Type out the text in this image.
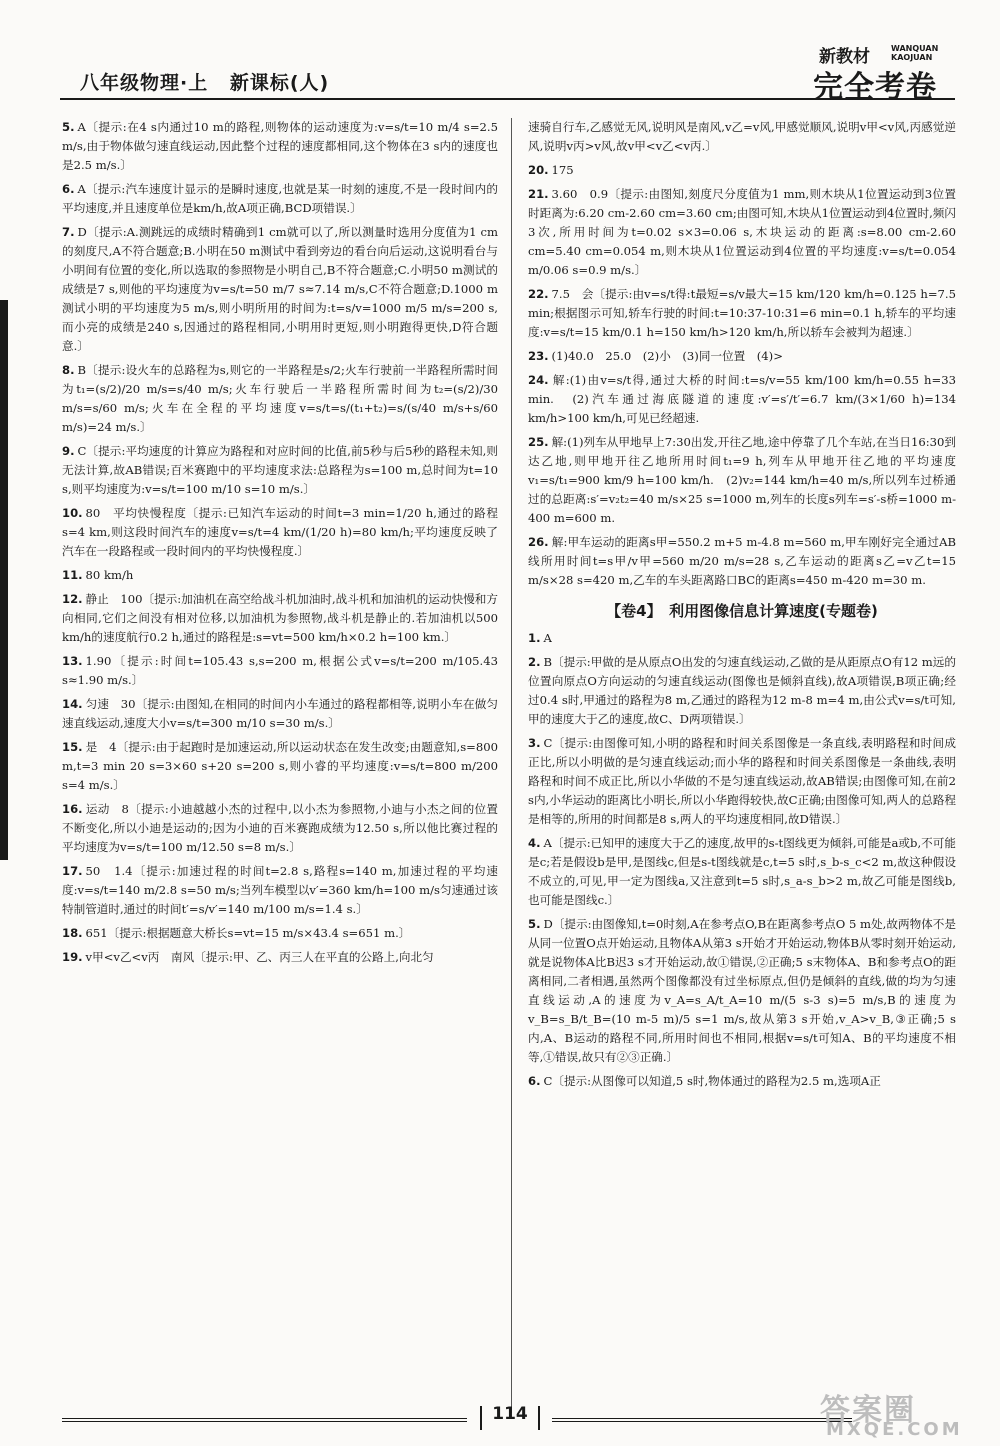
八年级物理·上 新课标(人)
新教材	WANQUAN
KAOJUAN
完全考卷

5. A〔提示:在4 s内通过10 m的路程,则物体的运动速度为:v=s/t=10 m/4 s=2.5 m/s,由于物体做匀速直线运动,因此整个过程的速度都相同,这个物体在3 s内的速度也是2.5 m/s.〕

6. A〔提示:汽车速度计显示的是瞬时速度,也就是某一时刻的速度,不是一段时间内的平均速度,并且速度单位是km/h,故A项正确,BCD项错误.〕

7. D〔提示:A.测跳远的成绩时精确到1 cm就可以了,所以测量时选用分度值为1 cm的刻度尺,A不符合题意;B.小明在50 m测试中看到旁边的看台向后运动,这说明看台与小明间有位置的变化,所以选取的参照物是小明自己,B不符合题意;C.小明50 m测试的成绩是7 s,则他的平均速度为v=s/t=50 m/7 s≈7.14 m/s,C不符合题意;D.1000 m测试小明的平均速度为5 m/s,则小明所用的时间为:t=s/v=1000 m/5 m/s=200 s,而小亮的成绩是240 s,因通过的路程相同,小明用时更短,则小明跑得更快,D符合题意.〕

8. B〔提示:设火车的总路程为s,则它的一半路程是s/2;火车行驶前一半路程所需时间为t₁=(s/2)/20 m/s=s/40 m/s;火车行驶后一半路程所需时间为t₂=(s/2)/30 m/s=s/60 m/s;火车在全程的平均速度v=s/t=s/(t₁+t₂)=s/(s/40 m/s+s/60 m/s)=24 m/s.〕

9. C〔提示:平均速度的计算应为路程和对应时间的比值,前5秒与后5秒的路程未知,则无法计算,故AB错误;百米赛跑中的平均速度求法:总路程为s=100 m,总时间为t=10 s,则平均速度为:v=s/t=100 m/10 s=10 m/s.〕

10. 80　平均快慢程度〔提示:已知汽车运动的时间t=3 min=1/20 h,通过的路程s=4 km,则这段时间汽车的速度v=s/t=4 km/(1/20 h)=80 km/h;平均速度反映了汽车在一段路程或一段时间内的平均快慢程度.〕

11. 80 km/h

12. 静止　100〔提示:加油机在高空给战斗机加油时,战斗机和加油机的运动快慢和方向相同,它们之间没有相对位移,以加油机为参照物,战斗机是静止的.若加油机以500 km/h的速度航行0.2 h,通过的路程是:s=vt=500 km/h×0.2 h=100 km.〕

13. 1.90〔提示:时间t=105.43 s,s=200 m,根据公式v=s/t=200 m/105.43 s≈1.90 m/s.〕

14. 匀速　30〔提示:由图知,在相同的时间内小车通过的路程都相等,说明小车在做匀速直线运动,速度大小v=s/t=300 m/10 s=30 m/s.〕

15. 是　4〔提示:由于起跑时是加速运动,所以运动状态在发生改变;由题意知,s=800 m,t=3 min 20 s=3×60 s+20 s=200 s,则小睿的平均速度:v=s/t=800 m/200 s=4 m/s.〕

16. 运动　8〔提示:小迪越越小杰的过程中,以小杰为参照物,小迪与小杰之间的位置不断变化,所以小迪是运动的;因为小迪的百米赛跑成绩为12.50 s,所以他比赛过程的平均速度为v=s/t=100 m/12.50 s=8 m/s.〕

17. 50　1.4〔提示:加速过程的时间t=2.8 s,路程s=140 m,加速过程的平均速度:v=s/t=140 m/2.8 s=50 m/s;当列车模型以v′=360 km/h=100 m/s匀速通过该特制管道时,通过的时间t′=s/v′=140 m/100 m/s=1.4 s.〕

18. 651〔提示:根据题意大桥长s=vt=15 m/s×43.4 s=651 m.〕

19. v甲<v乙<v丙　南风〔提示:甲、乙、丙三人在平直的公路上,向北匀

速骑自行车,乙感觉无风,说明风是南风,v乙=v风,甲感觉顺风,说明v甲<v风,丙感觉逆风,说明v丙>v风,故v甲<v乙<v丙.〕

20. 175

21. 3.60　0.9〔提示:由图知,刻度尺分度值为1 mm,则木块从1位置运动到3位置时距离为:6.20 cm-2.60 cm=3.60 cm;由图可知,木块从1位置运动到4位置时,频闪3次,所用时间为t=0.02 s×3=0.06 s,木块运动的距离:s=8.00 cm-2.60 cm=5.40 cm=0.054 m,则木块从1位置运动到4位置的平均速度:v=s/t=0.054 m/0.06 s=0.9 m/s.〕

22. 7.5　会〔提示:由v=s/t得:t最短=s/v最大=15 km/120 km/h=0.125 h=7.5 min;根据图示可知,轿车行驶的时间:t=10:37-10:31=6 min=0.1 h,轿车的平均速度:v=s/t=15 km/0.1 h=150 km/h>120 km/h,所以轿车会被判为超速.〕

23. (1)40.0　25.0　(2)小　(3)同一位置　(4)>

24. 解:(1)由v=s/t得,通过大桥的时间:t=s/v=55 km/100 km/h=0.55 h=33 min.　(2)汽车通过海底隧道的速度:v′=s′/t′=6.7 km/(3×1/60 h)=134 km/h>100 km/h,可见已经超速.

25. 解:(1)列车从甲地早上7:30出发,开往乙地,途中停靠了几个车站,在当日16:30到达乙地,则甲地开往乙地所用时间t₁=9 h,列车从甲地开往乙地的平均速度v₁=s/t₁=900 km/9 h=100 km/h.　(2)v₂=144 km/h=40 m/s,所以列车过桥通过的总距离:s′=v₂t₂=40 m/s×25 s=1000 m,列车的长度s列车=s′-s桥=1000 m-400 m=600 m.

26. 解:甲车运动的距离s甲=550.2 m+5 m-4.8 m=560 m,甲车刚好完全通过AB线所用时间t=s甲/v甲=560 m/20 m/s=28 s,乙车运动的距离s乙=v乙t=15 m/s×28 s=420 m,乙车的车头距离路口BC的距离s=450 m-420 m=30 m.

【卷4】　利用图像信息计算速度(专题卷)

1. A

2. B〔提示:甲做的是从原点O出发的匀速直线运动,乙做的是从距原点O有12 m远的位置向原点O方向运动的匀速直线运动(图像也是倾斜直线),故A项错误,B项正确;经过0.4 s时,甲通过的路程为8 m,乙通过的路程为12 m-8 m=4 m,由公式v=s/t可知,甲的速度大于乙的速度,故C、D两项错误.〕

3. C〔提示:由图像可知,小明的路程和时间关系图像是一条直线,表明路程和时间成正比,所以小明做的是匀速直线运动;而小华的路程和时间关系图像是一条曲线,表明路程和时间不成正比,所以小华做的不是匀速直线运动,故AB错误;由图像可知,在前2 s内,小华运动的距离比小明长,所以小华跑得较快,故C正确;由图像可知,两人的总路程是相等的,所用的时间都是8 s,两人的平均速度相同,故D错误.〕

4. A〔提示:已知甲的速度大于乙的速度,故甲的s-t图线更为倾斜,可能是a或b,不可能是c;若是假设b是甲,是图线c,但是s-t图线就是c,t=5 s时,s_b-s_c<2 m,故这种假设不成立的,可见,甲一定为图线a,又注意到t=5 s时,s_a-s_b>2 m,故乙可能是图线b,也可能是图线c.〕

5. D〔提示:由图像知,t=0时刻,A在参考点O,B在距离参考点O 5 m处,故两物体不是从同一位置O点开始运动,且物体A从第3 s开始才开始运动,物体B从零时刻开始运动,就是说物体A比B迟3 s才开始运动,故①错误,②正确;5 s末物体A、B和参考点O的距离相同,二者相遇,虽然两个图像都没有过坐标原点,但仍是倾斜的直线,做的均为匀速直线运动,A的速度为v_A=s_A/t_A=10 m/(5 s-3 s)=5 m/s,B的速度为v_B=s_B/t_B=(10 m-5 m)/5 s=1 m/s,故从第3 s开始,v_A>v_B,③正确;5 s内,A、B运动的路程不同,所用时间也不相同,根据v=s/t可知A、B的平均速度不相等,①错误,故只有②③正确.〕

6. C〔提示:从图像可以知道,5 s时,物体通过的路程为2.5 m,选项A正

114	答案圈
MXQE.COM
